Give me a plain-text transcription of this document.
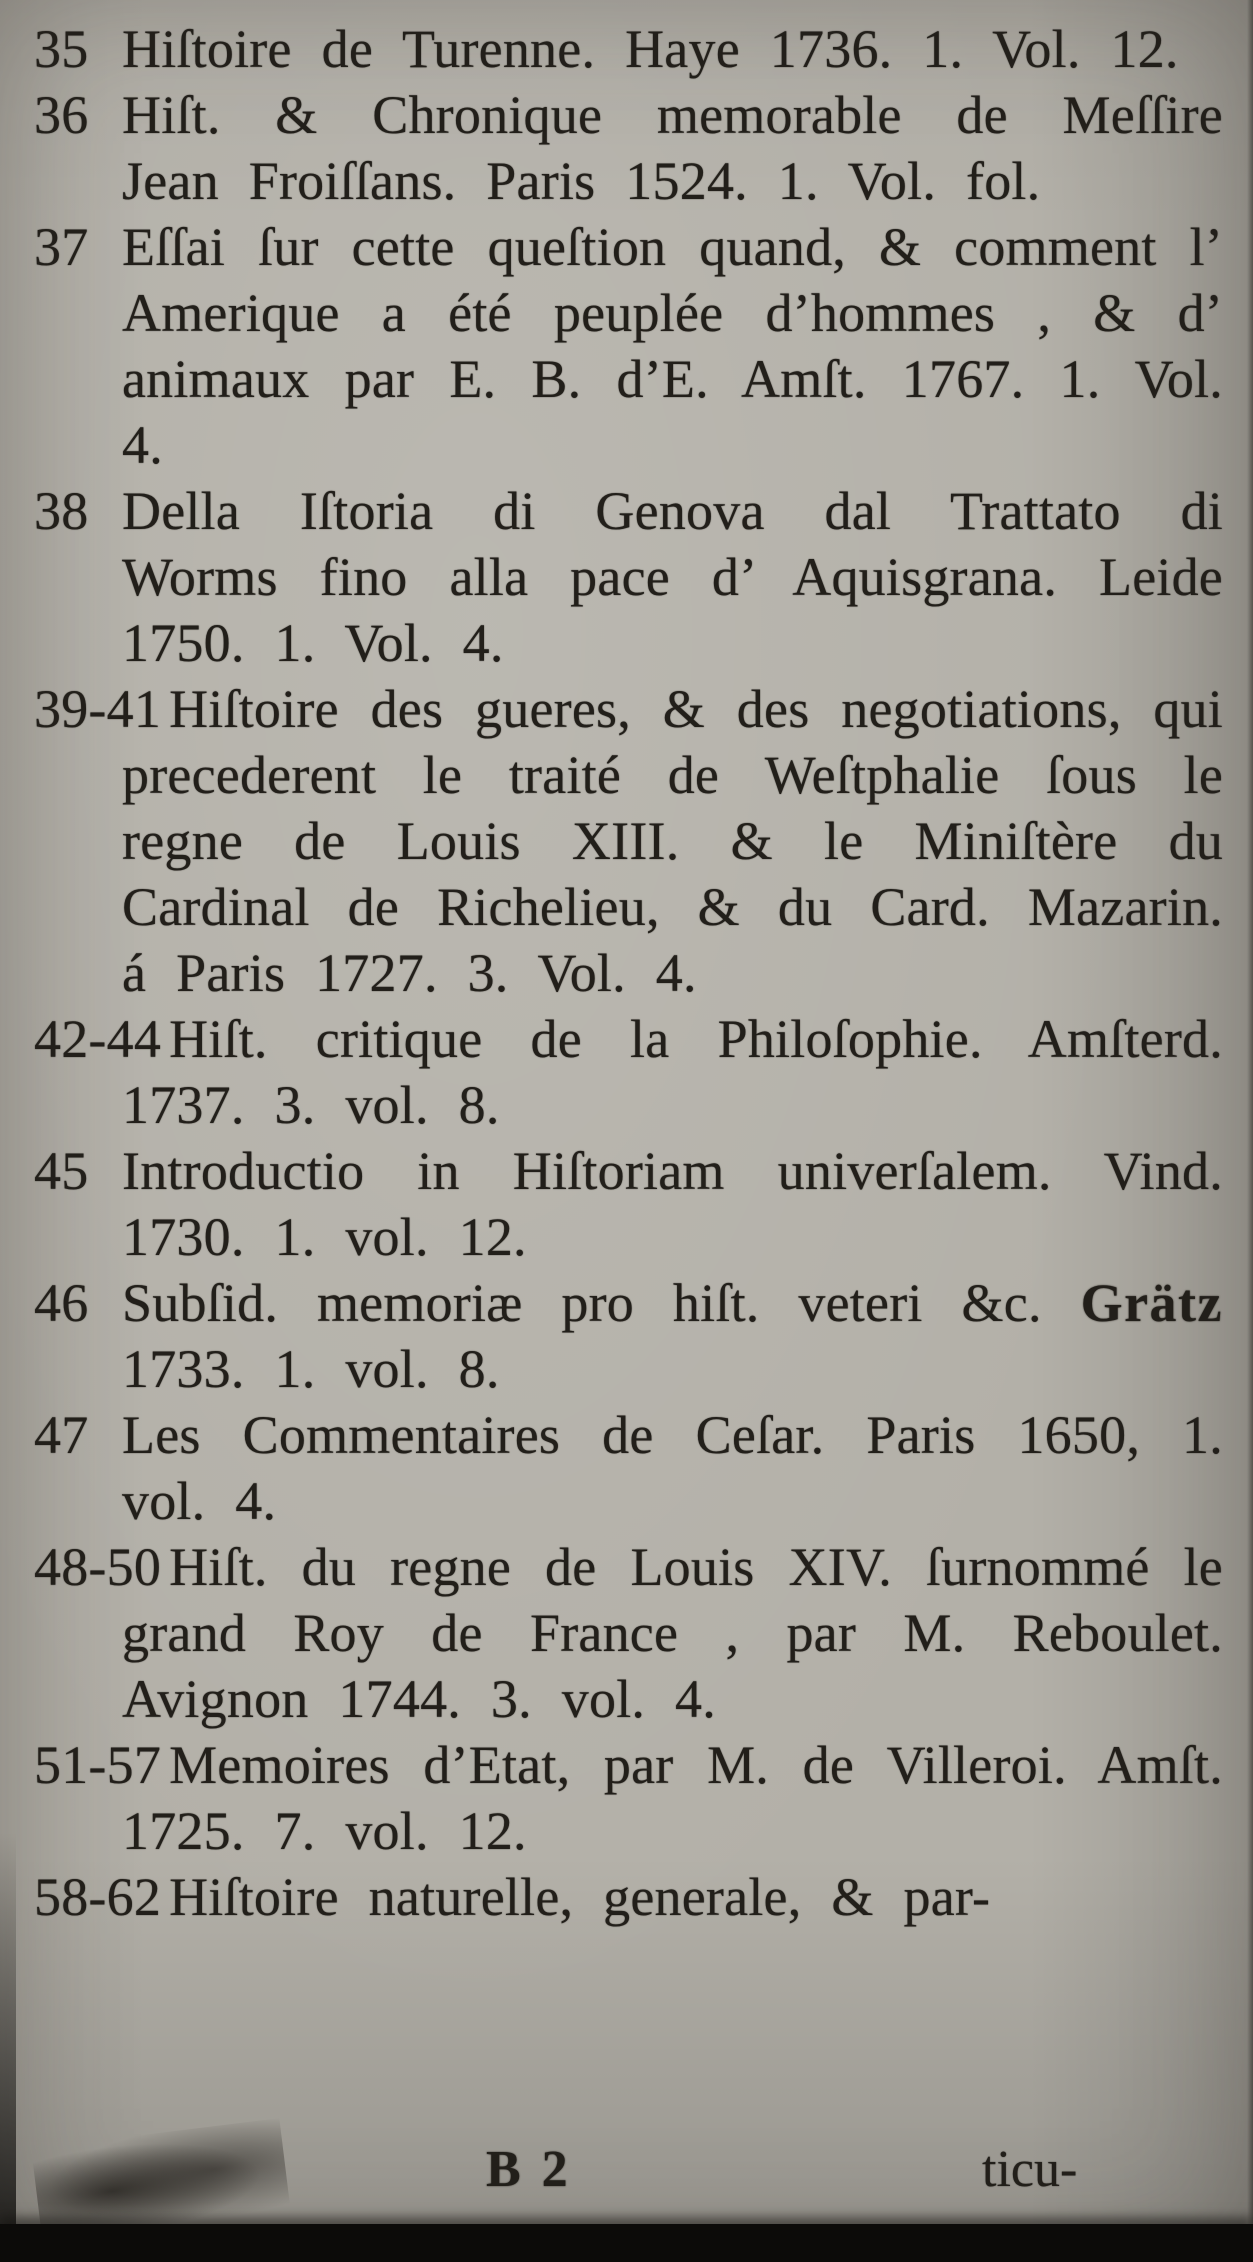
35 Hiſtoire de Turenne. Haye 1736. 1. Vol. 12.

36 Hiſt. & Chronique memorable de Meſſire Jean Froiſſans. Paris 1524. 1. Vol. fol.

37 Eſſai ſur cette queſtion quand, & comment l’ Amerique a été peuplée d’hommes , & d’ animaux par E. B. d’E. Amſt. 1767. 1. Vol. 4.

38 Della Iſtoria di Genova dal Trattato di Worms fino alla pace d’ Aquisgrana. Leide 1750. 1. Vol. 4.

39-41 Hiſtoire des gueres, & des negotiations, qui precederent le traité de Weſtphalie ſous le regne de Louis XIII. & le Miniſtère du Cardinal de Richelieu, & du Card. Mazarin. á Paris 1727. 3. Vol. 4.

42-44 Hiſt. critique de la Philoſophie. Amſterd. 1737. 3. vol. 8.

45 Introductio in Hiſtoriam univerſalem. Vind. 1730. 1. vol. 12.

46 Subſid. memoriæ pro hiſt. veteri &c. Grätz 1733. 1. vol. 8.

47 Les Commentaires de Ceſar. Paris 1650, 1. vol. 4.

48-50 Hiſt. du regne de Louis XIV. ſurnommé le grand Roy de France , par M. Reboulet. Avignon 1744. 3. vol. 4.

51-57 Memoires d’Etat, par M. de Villeroi. Amſt. 1725. 7. vol. 12.

58-62 Hiſtoire naturelle, generale, & par-

B 2	ticu-
